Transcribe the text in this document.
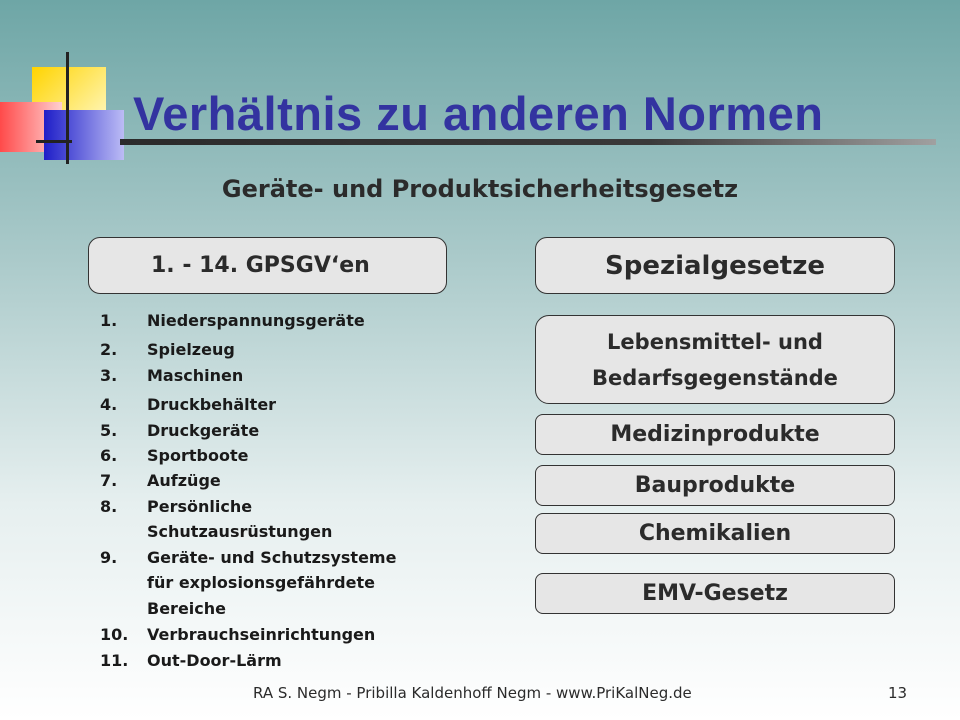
Verhältnis zu anderen Normen
Geräte- und Produktsicherheitsgesetz
1. - 14. GPSGV‘en	Spezialgesetze
1. Niederspannungsgeräte
2. Spielzeug
3. Maschinen
4. Druckbehälter
5. Druckgeräte
6. Sportboote
7. Aufzüge
8. Persönliche
Schutzausrüstungen
9. Geräte- und Schutzsysteme
für explosionsgefährdete
Bereiche
10. Verbrauchseinrichtungen
11. Out-Door-Lärm
Lebensmittel- und
Bedarfsgegenstände
Medizinprodukte
Bauprodukte
Chemikalien
EMV-Gesetz
RA S. Negm - Pribilla Kaldenhoff Negm - www.PriKalNeg.de	13
